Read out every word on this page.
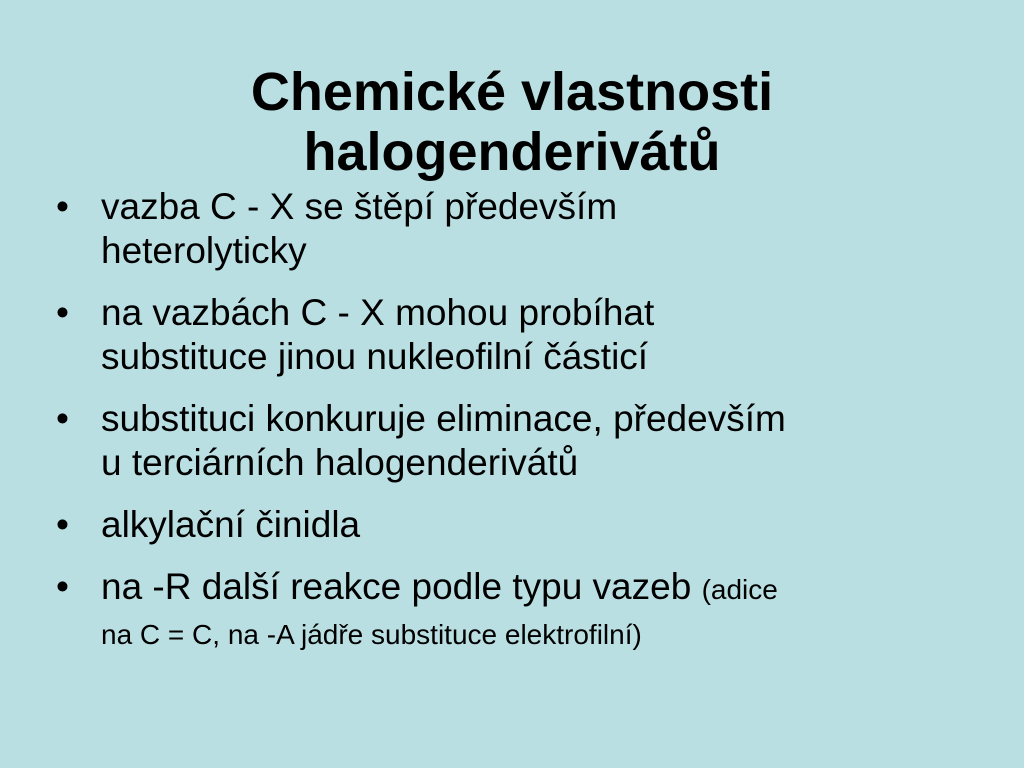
Chemické vlastnosti
halogenderivátů
• vazba C - X se štěpí především
heterolyticky
• na vazbách C - X mohou probíhat
substituce jinou nukleofilní částicí
• substituci konkuruje eliminace, především
u terciárních halogenderivátů
• alkylační činidla
• na -R další reakce podle typu vazeb (adice
na C = C, na -A jádře substituce elektrofilní)
